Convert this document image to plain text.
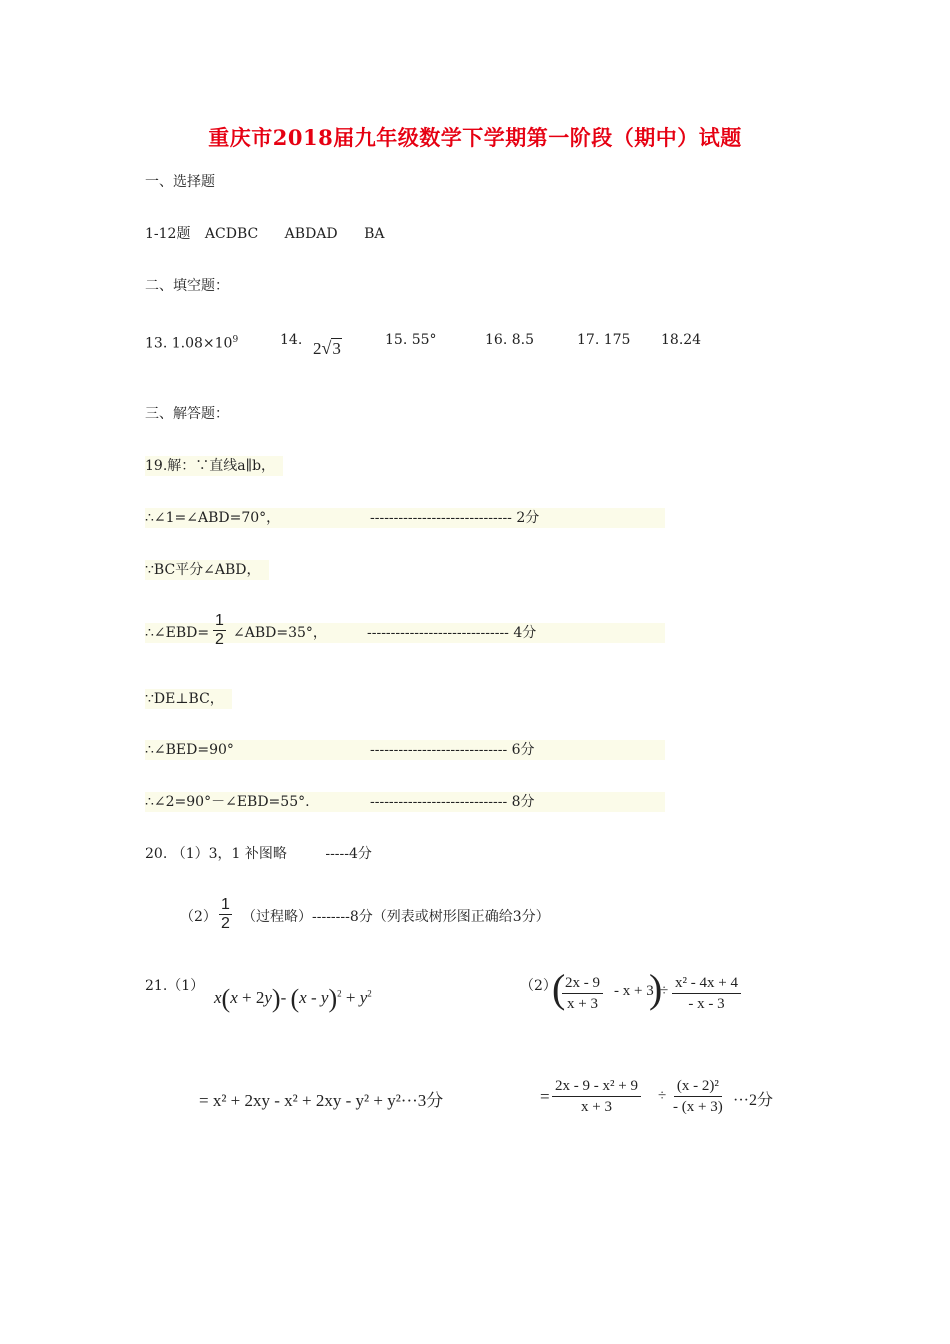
重庆市2018届九年级数学下学期第一阶段（期中）试题
一、选择题
1-12题 ACDBC ABDAD BA
二、填空题：
13. $1.08\times 10^9$	14. 2√3	15. 55°	16. 8.5	17. 175 18.24
三、解答题：
19.解：∵直线a∥b，
∴∠1=∠ABD=70°，	------------------------------ 2分
∵BC平分∠ABD，
∴∠EBD= $\frac{1}{2}$ ∠ABD=35°，	------------------------------ 4分
∵DE⊥BC，
∴∠BED=90°	----------------------------- 6分
∴∠2=90°－∠EBD=55°.	----------------------------- 8分
20. （1）3，1 补图略	-----4分
$(2) \frac{1}{2}$ （过程略）--------8分（列表或树形图正确给3分）
21.（1）
x(x + 2y)- $(x - y)^2 + y^2$	（2）
(
$\frac{2x - 9}{x + 3} - x + 3$
)
÷ $\frac{\text{x² - 4x + 4}}{- x - 3}$
= x² + 2xy - x² + 2xy - y² + y²···3分	= $\frac{\text{2x - 9 - x² + 9}}{x + 3} \div \frac{\text{(x - 2)²}}{- (x + 3)} \cdot\cdot\cdot 2$分
